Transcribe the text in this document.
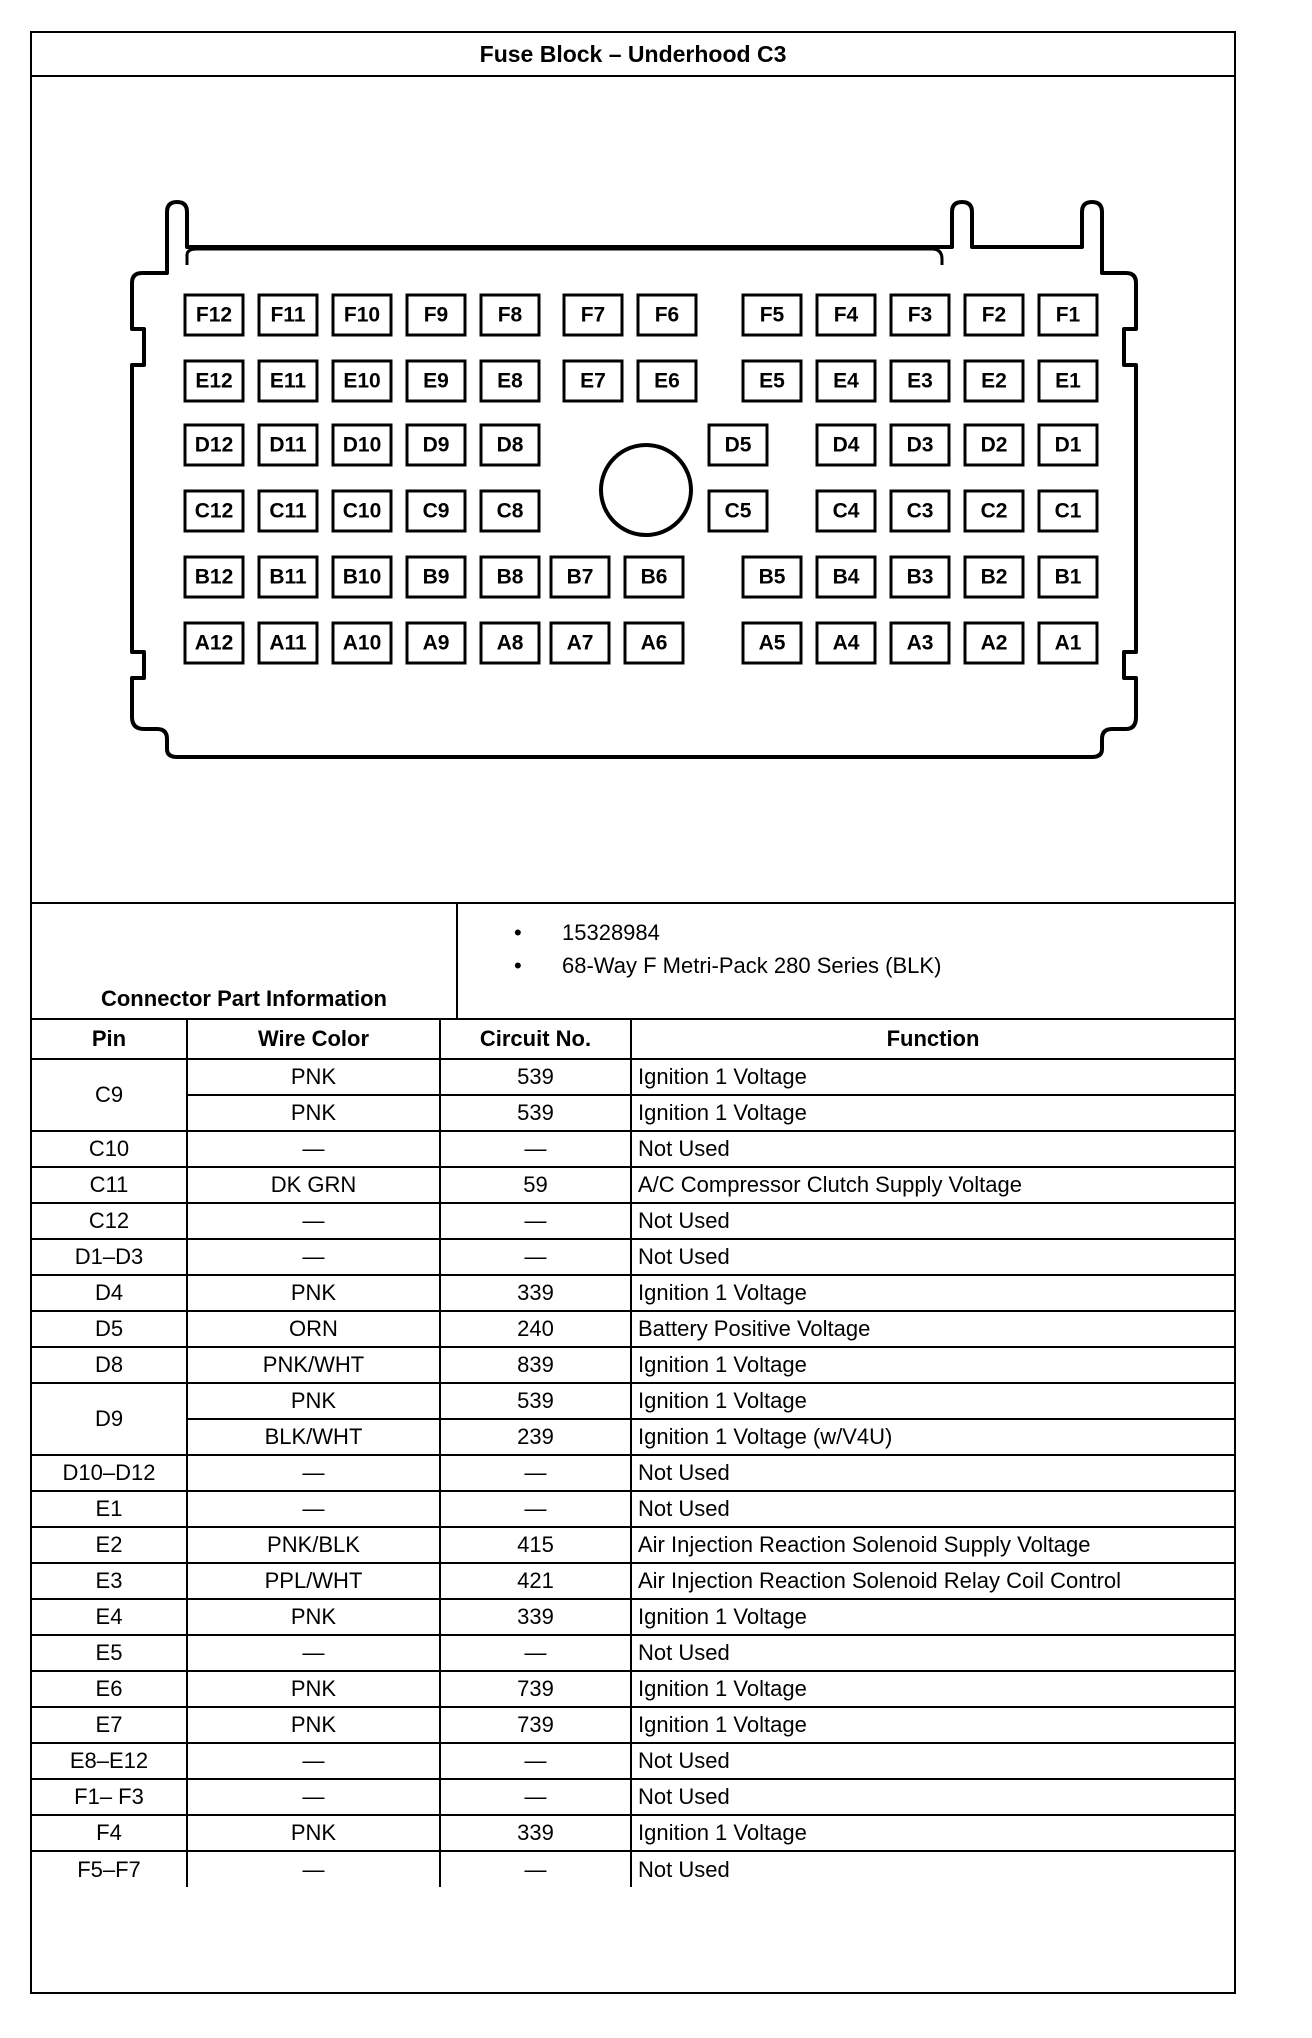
Fuse Block – Underhood C3
F12 F11 F10 F9 F8	F7 F6	F5 F4 F3 F2 F1
E12 E11 E10 E9 E8	E7 E6	E5 E4 E3 E2 E1
D12 D11 D10 D9 D8	D5	D4 D3 D2 D1
C12 C11 C10 C9 C8	C5	C4 C3 C2 C1
B12 B11 B10 B9 B8 B7 B6	B5 B4 B3 B2 B1
A12 A11 A10 A9 A8 A7 A6	A5 A4 A3 A2 A1
Connector Part Information
• 15328984
• 68-Way F Metri-Pack 280 Series (BLK)
Pin	Wire Color	Circuit No.	Function
C9	PNK	539	Ignition 1 Voltage
	PNK	539	Ignition 1 Voltage
C10	—	—	Not Used
C11	DK GRN	59	A/C Compressor Clutch Supply Voltage
C12	—	—	Not Used
D1–D3	—	—	Not Used
D4	PNK	339	Ignition 1 Voltage
D5	ORN	240	Battery Positive Voltage
D8	PNK/WHT	839	Ignition 1 Voltage
D9	PNK	539	Ignition 1 Voltage
	BLK/WHT	239	Ignition 1 Voltage (w/V4U)
D10–D12	—	—	Not Used
E1	—	—	Not Used
E2	PNK/BLK	415	Air Injection Reaction Solenoid Supply Voltage
E3	PPL/WHT	421	Air Injection Reaction Solenoid Relay Coil Control
E4	PNK	339	Ignition 1 Voltage
E5	—	—	Not Used
E6	PNK	739	Ignition 1 Voltage
E7	PNK	739	Ignition 1 Voltage
E8–E12	—	—	Not Used
F1– F3	—	—	Not Used
F4	PNK	339	Ignition 1 Voltage
F5–F7	—	—	Not Used
